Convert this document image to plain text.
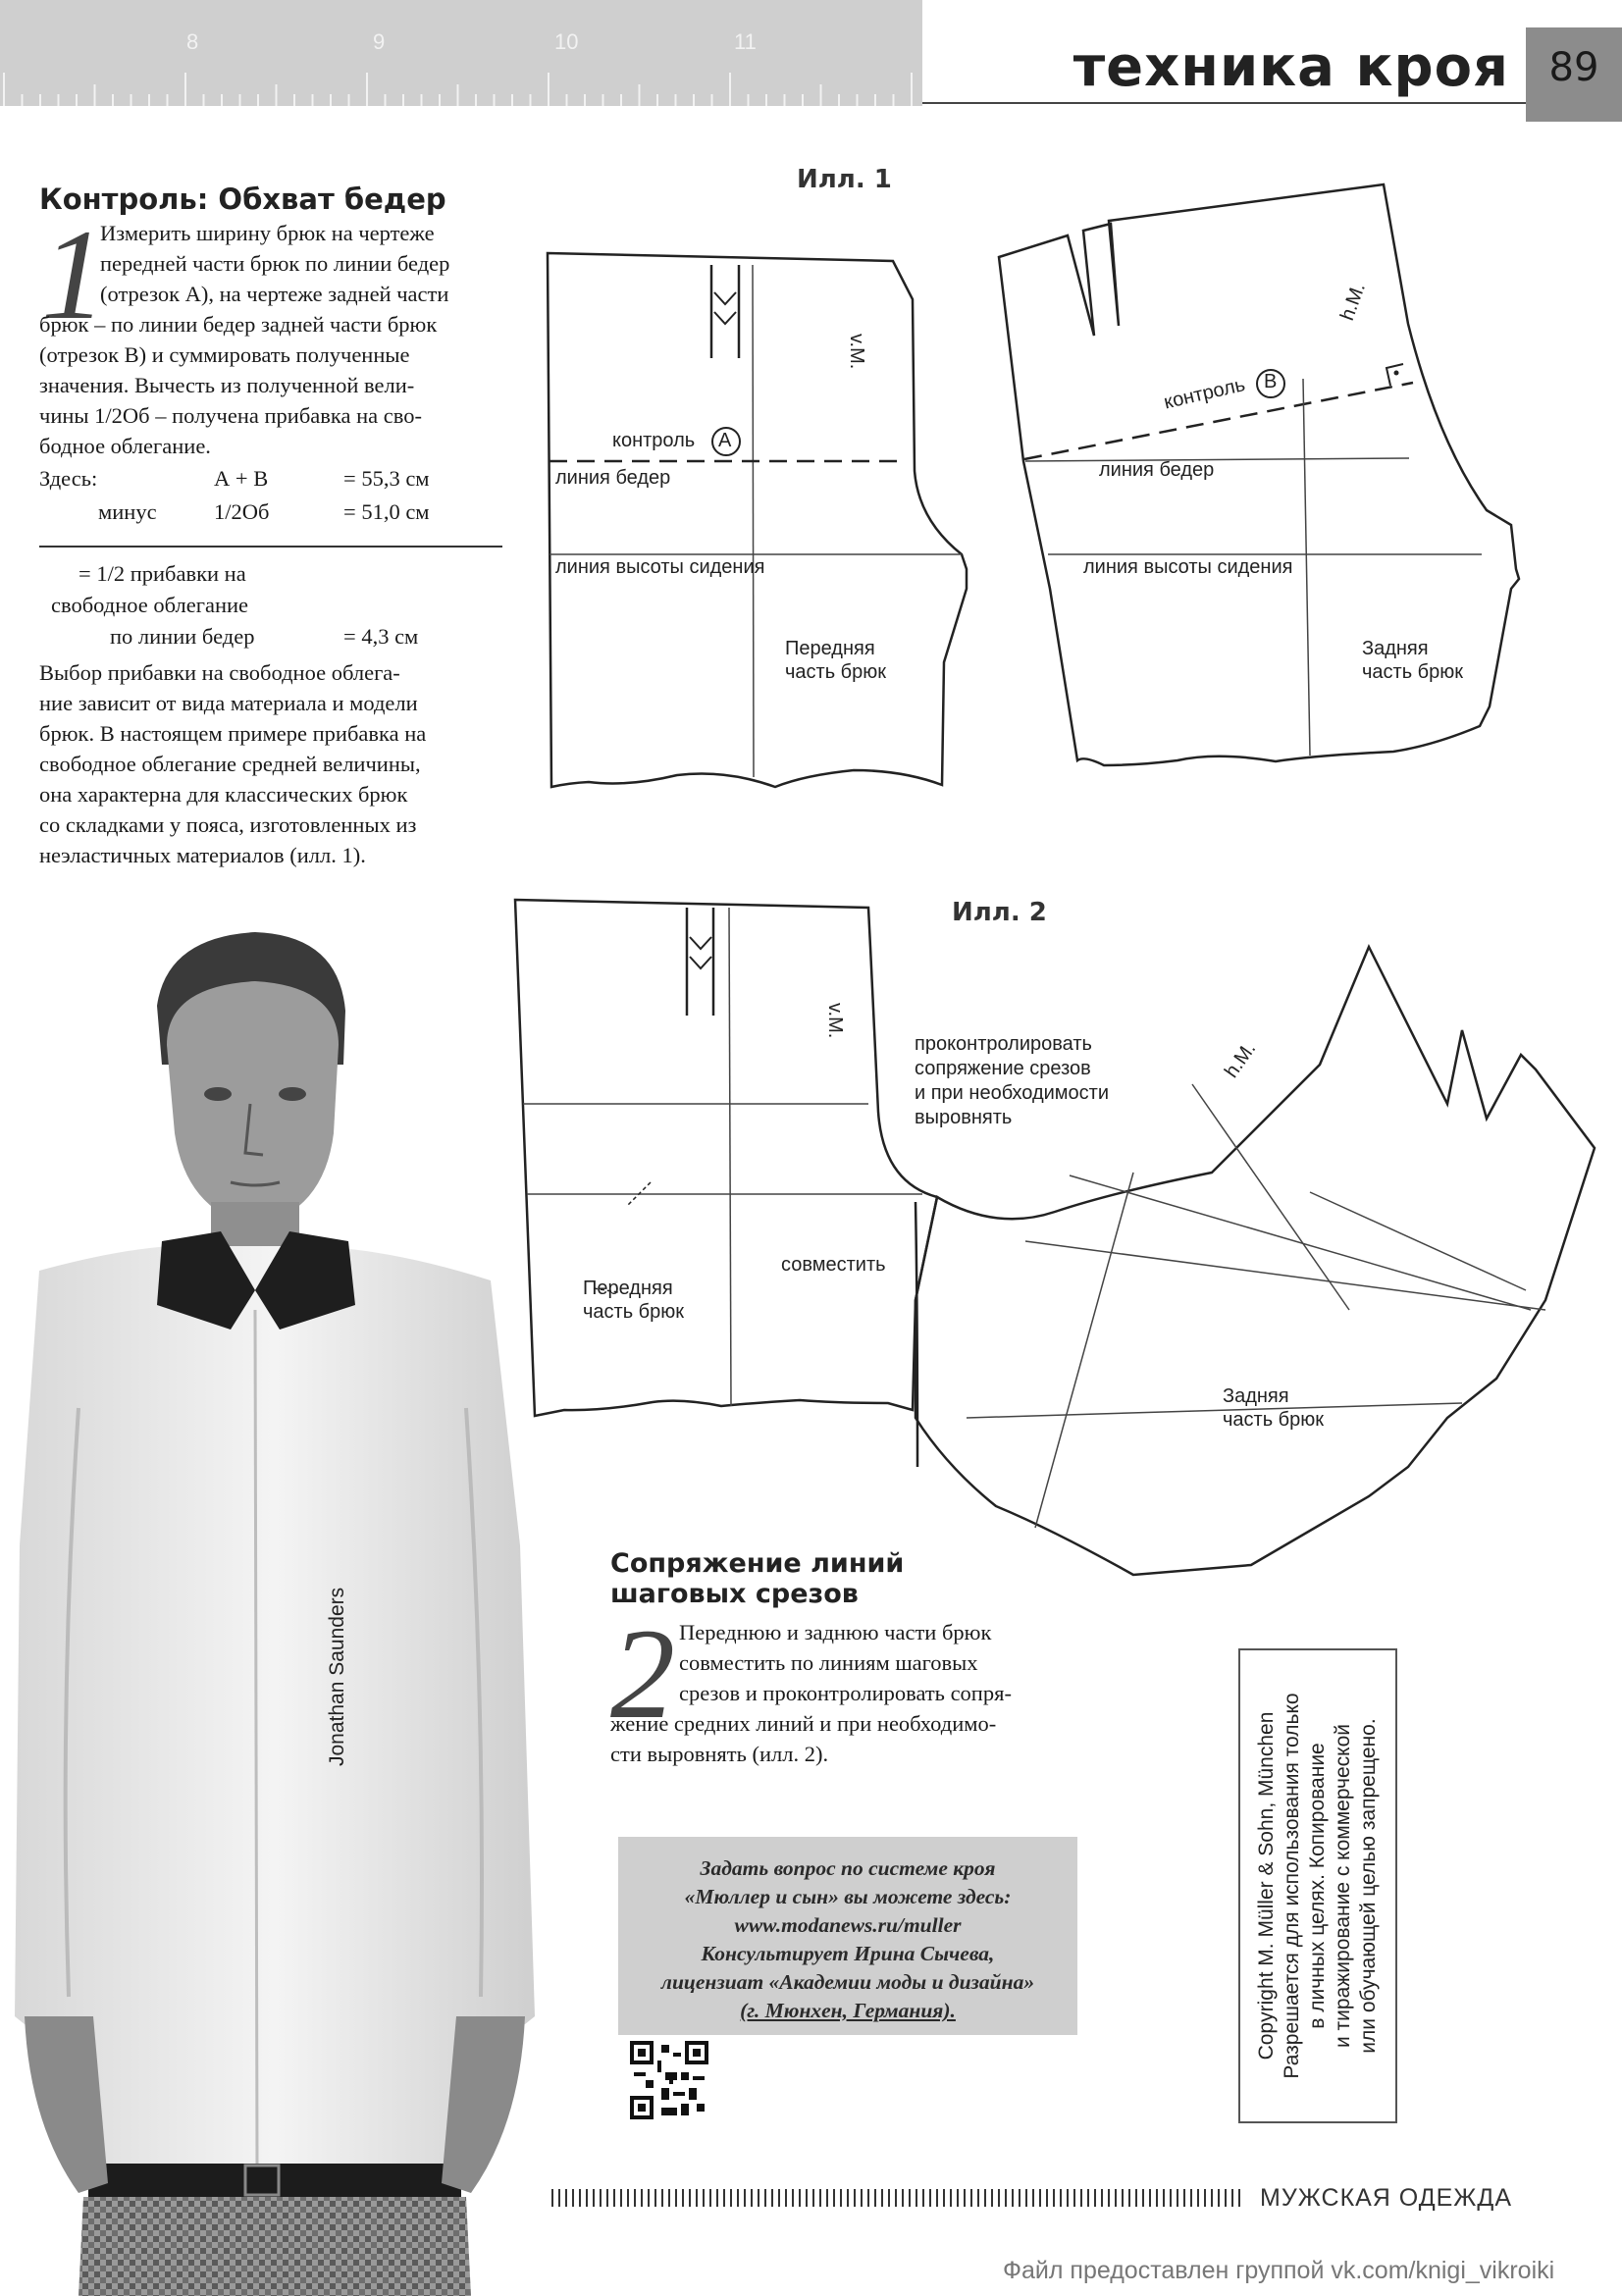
8	9	10	11	техника кроя	89
Контроль: Обхват бедер
1
Измерить ширину брюк на чертеже
передней части брюк по линии бедер
(отрезок А), на чертеже задней части
брюк – по линии бедер задней части брюк
(отрезок В) и суммировать полученные
значения. Вычесть из полученной вели-
чины 1/2Об – получена прибавка на сво-
бодное облегание.
Здесь:	А + В	= 55,3 см
минус	1/2Об	= 51,0 см
= 1/2 прибавки на
свободное облегание
по линии бедер	= 4,3 см
Выбор прибавки на свободное облега-
ние зависит от вида материала и модели
брюк. В настоящем примере прибавка на
свободное облегание средней величины,
она характерна для классических брюк
со складками у пояса, изготовленных из
неэластичных материалов (илл. 1).
Jonathan Saunders
Илл. 1
контроль A
линия бедер
линия высоты сидения
Передняя
часть брюк
v.M.
контроль B
линия бедер
линия высоты сидения
Задняя
часть брюк
h.M.
Илл. 2
v.M.
h.M.
проконтролировать
сопряжение срезов
и при необходимости
выровнять
совместить
Передняя
часть брюк
Задняя
часть брюк
Сопряжение линий
шаговых срезов
2 Переднюю и заднюю части брюк
совместить по линиям шаговых
срезов и проконтролировать сопря-
жение средних линий и при необходимо-
сти выровнять (илл. 2).
Задать вопрос по системе кроя
«Мюллер и сын» вы можете здесь:
www.modanews.ru/muller
Консультирует Ирина Сычева,
лицензиат «Академии моды и дизайна»
(г. Мюнхен, Германия).	Copyright M. Müller & Sohn, München Разрешается для использования только в личных целях. Копирование и тиражирование с коммерческой или обучающей целью запрещено.
МУЖСКАЯ ОДЕЖДА
Файл предоставлен группой vk.com/knigi_vikroiki
